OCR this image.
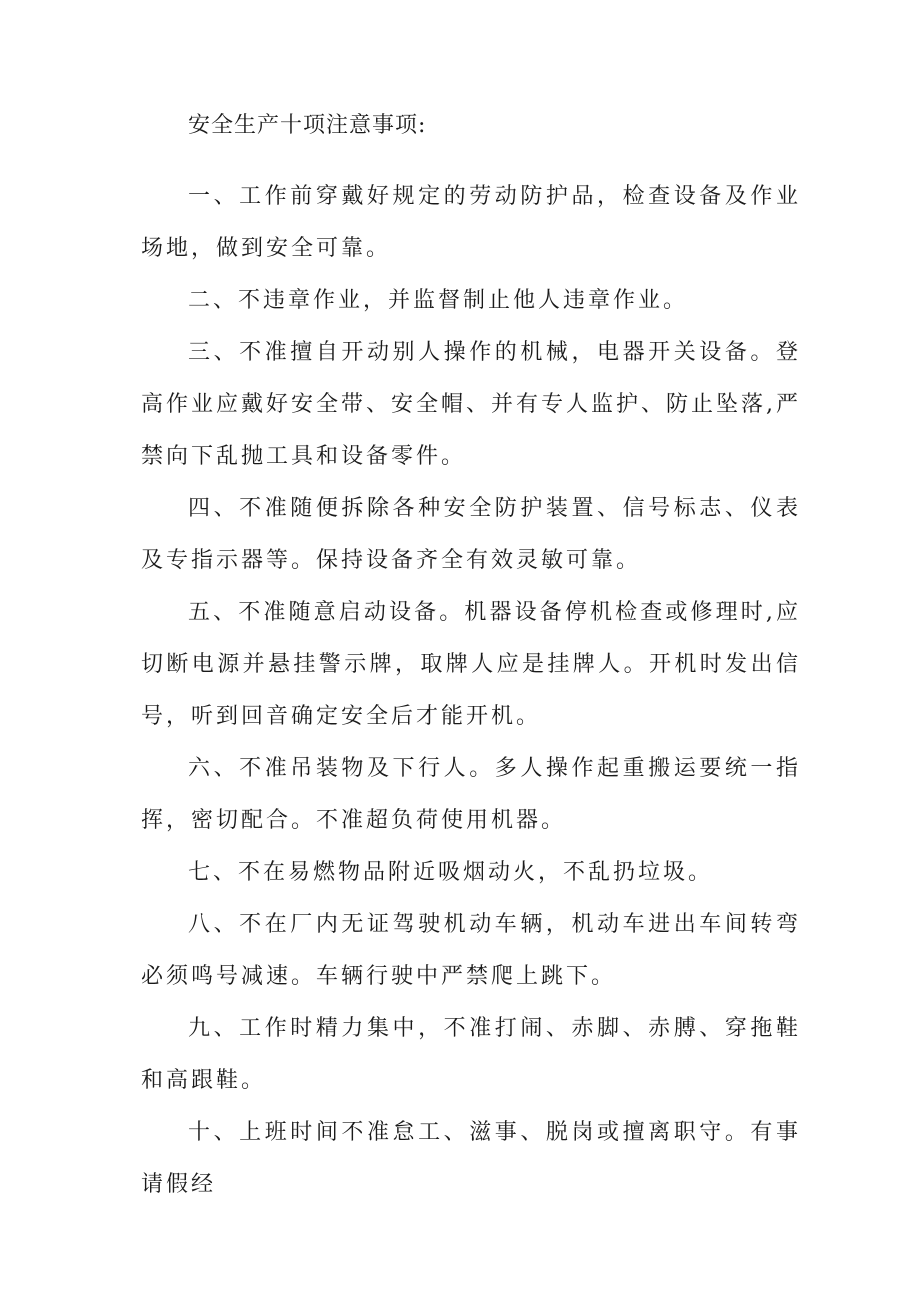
安全生产十项注意事项:

一、工作前穿戴好规定的劳动防护品，检查设备及作业场地，做到安全可靠。

二、不违章作业，并监督制止他人违章作业。

三、不准擅自开动别人操作的机械，电器开关设备。登高作业应戴好安全带、安全帽、并有专人监护、防止坠落,严禁向下乱抛工具和设备零件。

四、不准随便拆除各种安全防护装置、信号标志、仪表及专指示器等。保持设备齐全有效灵敏可靠。

五、不准随意启动设备。机器设备停机检查或修理时,应切断电源并悬挂警示牌，取牌人应是挂牌人。开机时发出信号，听到回音确定安全后才能开机。

六、不准吊装物及下行人。多人操作起重搬运要统一指挥，密切配合。不准超负荷使用机器。

七、不在易燃物品附近吸烟动火，不乱扔垃圾。

八、不在厂内无证驾驶机动车辆，机动车进出车间转弯必须鸣号减速。车辆行驶中严禁爬上跳下。

九、工作时精力集中，不准打闹、赤脚、赤膊、穿拖鞋和高跟鞋。

十、上班时间不准怠工、滋事、脱岗或擅离职守。有事请假经
